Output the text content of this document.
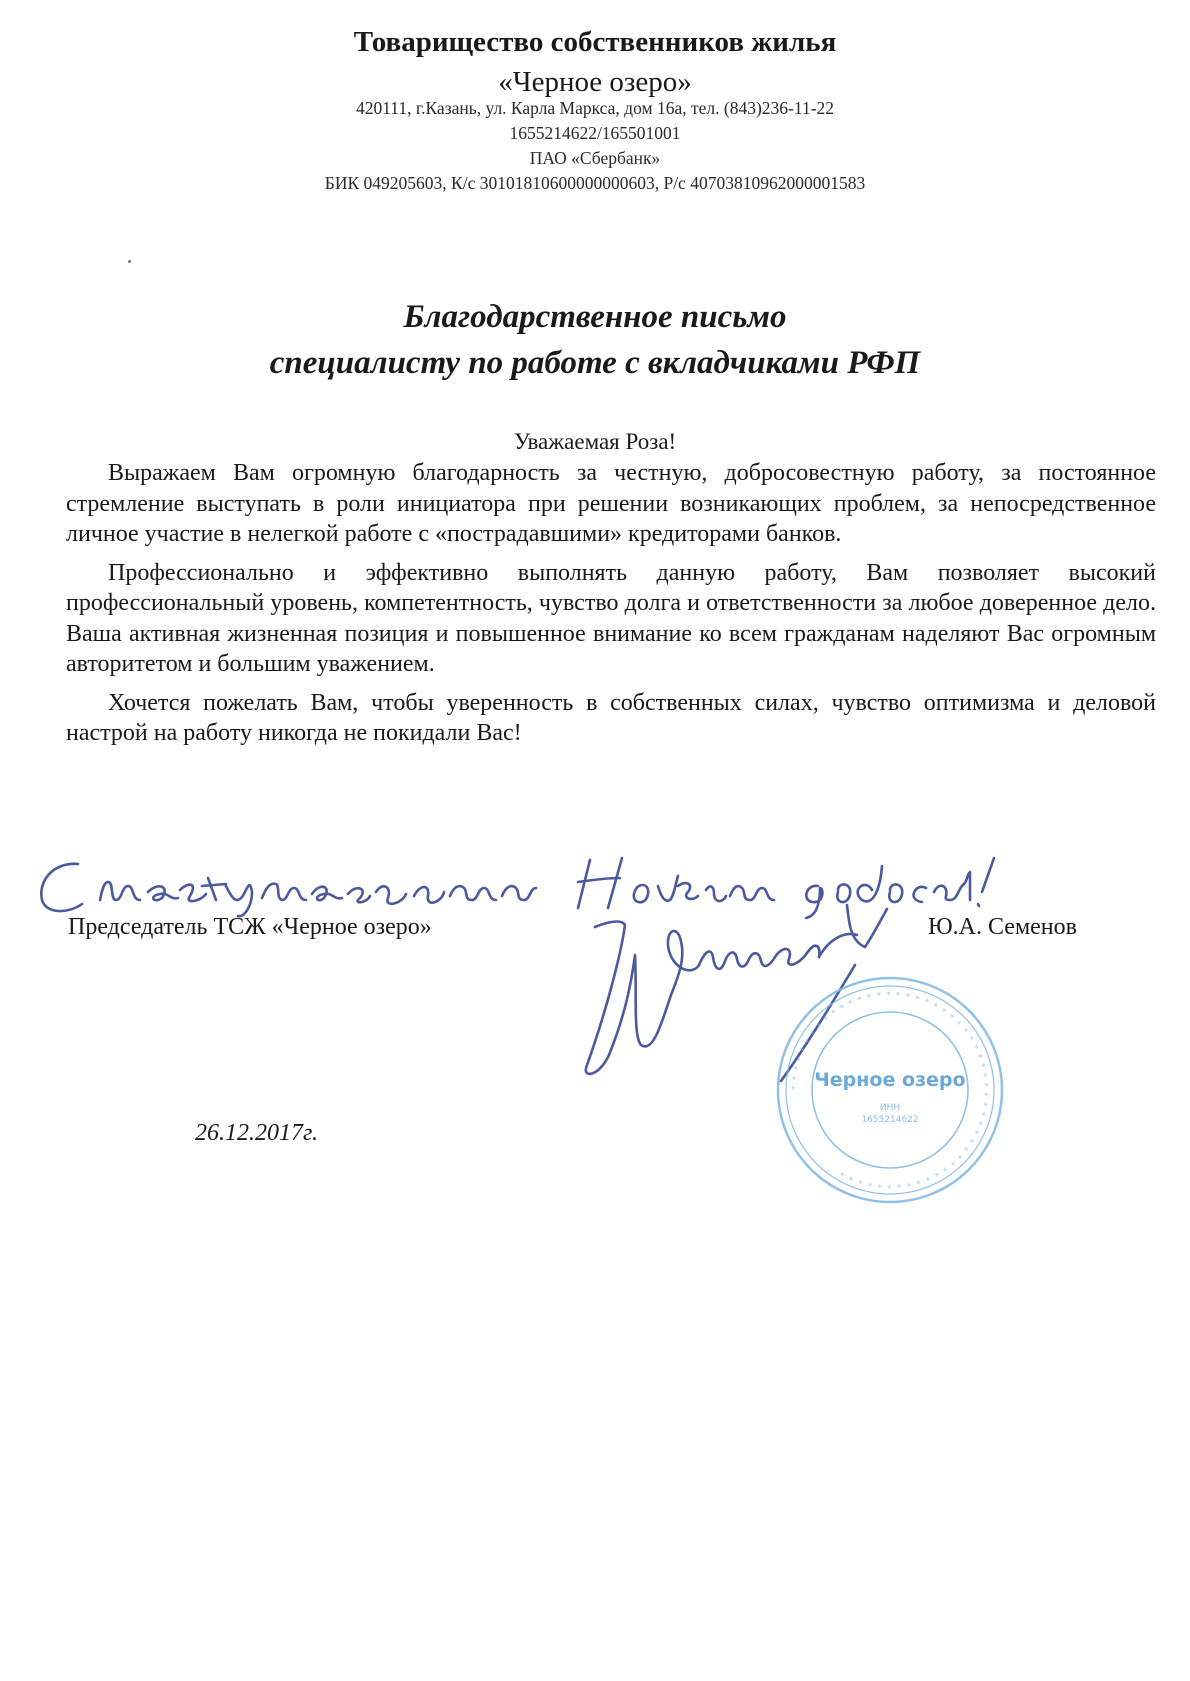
Товарищество собственников жилья
«Черное озеро»
420111, г.Казань, ул. Карла Маркса, дом 16а, тел. (843)236-11-22
1655214622/165501001
ПАО «Сбербанк»
БИК 049205603, К/с 30101810600000000603, Р/с 40703810962000001583
Благодарственное письмо
специалисту по работе с вкладчиками РФП
Уважаемая Роза!

Выражаем Вам огромную благодарность за честную, добросовестную работу, за постоянное стремление выступать в роли инициатора при решении возникающих проблем, за непосредственное личное участие в нелегкой работе с «пострадавшими» кредиторами банков.

Профессионально и эффективно выполнять данную работу, Вам позволяет высокий профессиональный уровень, компетентность, чувство долга и ответственности за любое доверенное дело. Ваша активная жизненная позиция и повышенное внимание ко всем гражданам наделяют Вас огромным авторитетом и большим уважением.

Хочется пожелать Вам, чтобы уверенность в собственных силах, чувство оптимизма и деловой настрой на работу никогда не покидали Вас!

Председатель ТСЖ «Черное озеро»	Ю.А. Семенов
* * * * * * * * * * * * * * * * * * * * * * * * * * * * * * * * * * * * * * * * * * * * * * * * * * * *
Черное озеро
ИНН
1655214622
26.12.2017г.
